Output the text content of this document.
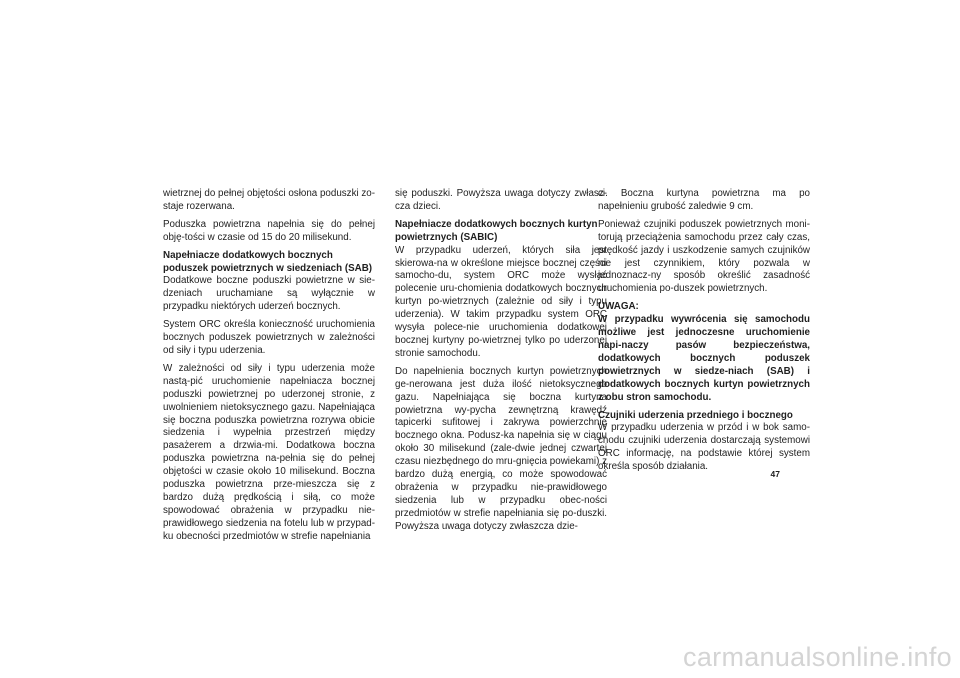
wietrznej do pełnej objętości osłona poduszki zo-staje rozerwana.

Poduszka powietrzna napełnia się do pełnej obję-tości w czasie od 15 do 20 milisekund.

Napełniacze dodatkowych bocznych poduszek powietrznych w siedzeniach (SAB)

Dodatkowe boczne poduszki powietrzne w sie-dzeniach uruchamiane są wyłącznie w przypadku niektórych uderzeń bocznych.

System ORC określa konieczność uruchomienia bocznych poduszek powietrznych w zależności od siły i typu uderzenia.

W zależności od siły i typu uderzenia może nastą-pić uruchomienie napełniacza bocznej poduszki powietrznej po uderzonej stronie, z uwolnieniem nietoksycznego gazu. Napełniająca się boczna poduszka powietrzna rozrywa obicie siedzenia i wypełnia przestrzeń między pasażerem a drzwia-mi. Dodatkowa boczna poduszka powietrzna na-pełnia się do pełnej objętości w czasie około 10 milisekund. Boczna poduszka powietrzna prze-mieszcza się z bardzo dużą prędkością i siłą, co może spowodować obrażenia w przypadku nie-prawidłowego siedzenia na fotelu lub w przypad-ku obecności przedmiotów w strefie napełniania

się poduszki. Powyższa uwaga dotyczy zwłasz-cza dzieci.

Napełniacze dodatkowych bocznych kurtyn powietrznych (SABIC)

W przypadku uderzeń, których siła jest skierowa-na w określone miejsce bocznej części samocho-du, system ORC może wysłać polecenie uru-chomienia dodatkowych bocznych kurtyn po-wietrznych (zależnie od siły i typu uderzenia). W takim przypadku system ORC wysyła polece-nie uruchomienia dodatkowej bocznej kurtyny po-wietrznej tylko po uderzonej stronie samochodu.

Do napełnienia bocznych kurtyn powietrznych ge-nerowana jest duża ilość nietoksycznego gazu. Napełniająca się boczna kurtyna powietrzna wy-pycha zewnętrzną krawędź tapicerki sufitowej i zakrywa powierzchnię bocznego okna. Podusz-ka napełnia się w ciągu około 30 milisekund (zale-dwie jednej czwartej czasu niezbędnego do mru-gnięcia powiekami) z bardzo dużą energią, co może spowodować obrażenia w przypadku nie-prawidłowego siedzenia lub w przypadku obec-ności przedmiotów w strefie napełniania się po-duszki. Powyższa uwaga dotyczy zwłaszcza dzie-

ci. Boczna kurtyna powietrzna ma po napełnieniu grubość zaledwie 9 cm.

Ponieważ czujniki poduszek powietrznych moni-torują przeciążenia samochodu przez cały czas, prędkość jazdy i uszkodzenie samych czujników nie jest czynnikiem, który pozwala w jednoznacz-ny sposób określić zasadność uruchomienia po-duszek powietrznych.

UWAGA:

W przypadku wywrócenia się samochodu możliwe jest jednoczesne uruchomienie napi-naczy pasów bezpieczeństwa, dodatkowych bocznych poduszek powietrznych w siedze-niach (SAB) i dodatkowych bocznych kurtyn powietrznych z obu stron samochodu.

Czujniki uderzenia przedniego i bocznego

W przypadku uderzenia w przód i w bok samo-chodu czujniki uderzenia dostarczają systemowi ORC informację, na podstawie której system określa sposób działania.

47
carmanualsonline.info
